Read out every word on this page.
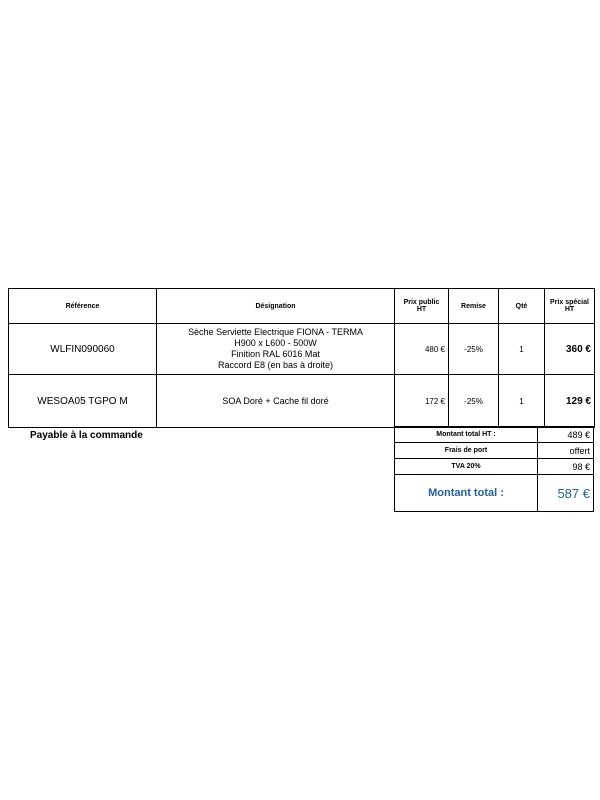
Référence	Désignation	Prix public HT	Remise	Qté	Prix spécial HT
WLFIN090060	Sèche Serviette Electrique FIONA - TERMA
H900 x L600 - 500W
Finition RAL 6016 Mat
Raccord E8 (en bas à droite)	480 €	-25%	1	360 €
WESOA05 TGPO M	SOA Doré + Cache fil doré	172 €	-25%	1	129 €
Payable à la commande	Montant total HT :	489 €
Frais de port	offert
TVA 20%	98 €
Montant total :	587 €
